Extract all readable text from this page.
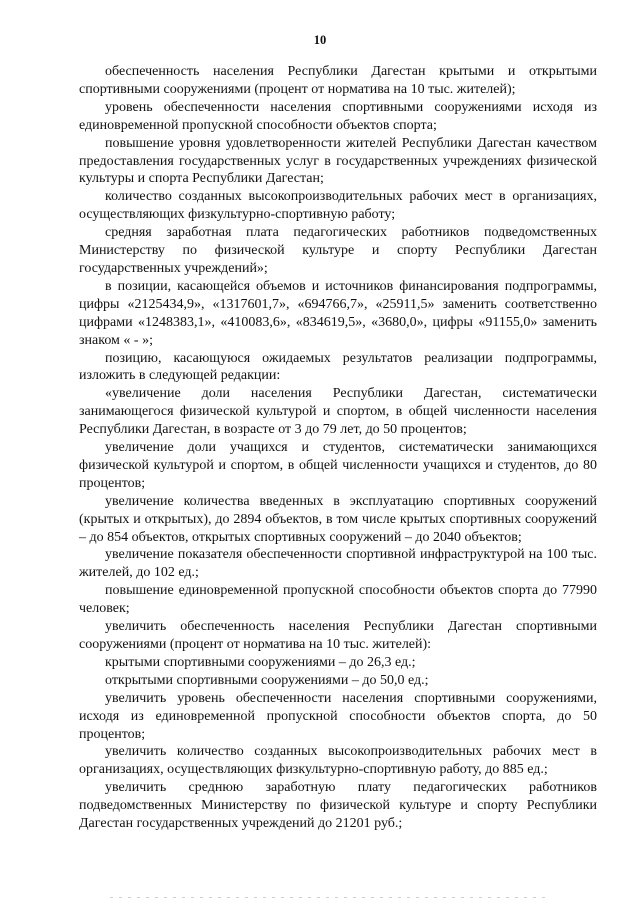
10

обеспеченность населения Республики Дагестан крытыми и открытыми спортивными сооружениями (процент от норматива на 10 тыс. жителей);

уровень обеспеченности населения спортивными сооружениями исходя из единовременной пропускной способности объектов спорта;

повышение уровня удовлетворенности жителей Республики Дагестан качеством предоставления государственных услуг в государственных учреждениях физической культуры и спорта Республики Дагестан;

количество созданных высокопроизводительных рабочих мест в организациях, осуществляющих физкультурно-спортивную работу;

средняя заработная плата педагогических работников подведомственных Министерству по физической культуре и спорту Республики Дагестан государственных учреждений»;

в позиции, касающейся объемов и источников финансирования подпрограммы, цифры «2125434,9», «1317601,7», «694766,7», «25911,5» заменить соответственно цифрами «1248383,1», «410083,6», «834619,5», «3680,0», цифры «91155,0» заменить знаком « - »;

позицию, касающуюся ожидаемых результатов реализации подпрограммы, изложить в следующей редакции:

«увеличение доли населения Республики Дагестан, систематически занимающегося физической культурой и спортом, в общей численности населения Республики Дагестан, в возрасте от 3 до 79 лет, до 50 процентов;

увеличение доли учащихся и студентов, систематически занимающихся физической культурой и спортом, в общей численности учащихся и студентов, до 80 процентов;

увеличение количества введенных в эксплуатацию спортивных сооружений (крытых и открытых), до 2894 объектов, в том числе крытых спортивных сооружений – до 854 объектов, открытых спортивных сооружений – до 2040 объектов;

увеличение показателя обеспеченности спортивной инфраструктурой на 100 тыс. жителей, до 102 ед.;

повышение единовременной пропускной способности объектов спорта до 77990 человек;

увеличить обеспеченность населения Республики Дагестан спортивными сооружениями (процент от норматива на 10 тыс. жителей):

крытыми спортивными сооружениями – до 26,3 ед.;

открытыми спортивными сооружениями – до 50,0 ед.;

увеличить уровень обеспеченности населения спортивными сооружениями, исходя из единовременной пропускной способности объектов спорта, до 50 процентов;

увеличить количество созданных высокопроизводительных рабочих мест в организациях, осуществляющих физкультурно-спортивную работу, до 885 ед.;

увеличить среднюю заработную плату педагогических работников подведомственных Министерству по физической культуре и спорту Республики Дагестан государственных учреждений до 21201 руб.;
